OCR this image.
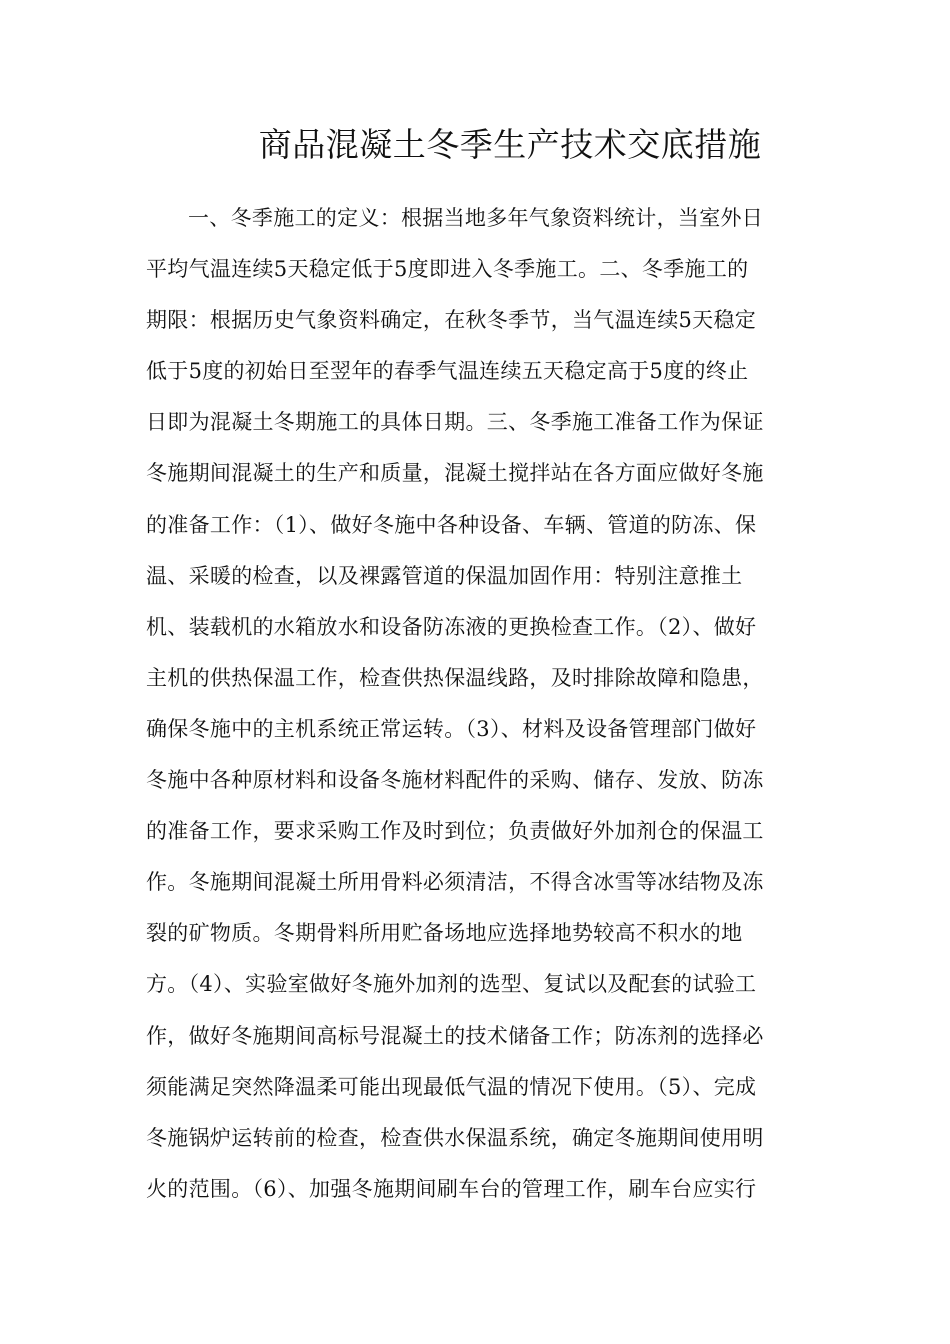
商品混凝土冬季生产技术交底措施
一、冬季施工的定义：根据当地多年气象资料统计，当室外日
平均气温连续5天稳定低于5度即进入冬季施工。二、冬季施工的
期限：根据历史气象资料确定，在秋冬季节，当气温连续5天稳定
低于5度的初始日至翌年的春季气温连续五天稳定高于5度的终止
日即为混凝土冬期施工的具体日期。三、冬季施工准备工作为保证
冬施期间混凝土的生产和质量，混凝土搅拌站在各方面应做好冬施
的准备工作：（1）、做好冬施中各种设备、车辆、管道的防冻、保
温、采暖的检查，以及裸露管道的保温加固作用：特别注意推土
机、装载机的水箱放水和设备防冻液的更换检查工作。（2）、做好
主机的供热保温工作，检查供热保温线路，及时排除故障和隐患，
确保冬施中的主机系统正常运转。（3）、材料及设备管理部门做好
冬施中各种原材料和设备冬施材料配件的采购、储存、发放、防冻
的准备工作，要求采购工作及时到位；负责做好外加剂仓的保温工
作。冬施期间混凝土所用骨料必须清洁，不得含冰雪等冰结物及冻
裂的矿物质。冬期骨料所用贮备场地应选择地势较高不积水的地
方。（4）、实验室做好冬施外加剂的选型、复试以及配套的试验工
作，做好冬施期间高标号混凝土的技术储备工作；防冻剂的选择必
须能满足突然降温柔可能出现最低气温的情况下使用。（5）、完成
冬施锅炉运转前的检查，检查供水保温系统，确定冬施期间使用明
火的范围。（6）、加强冬施期间刷车台的管理工作，刷车台应实行
